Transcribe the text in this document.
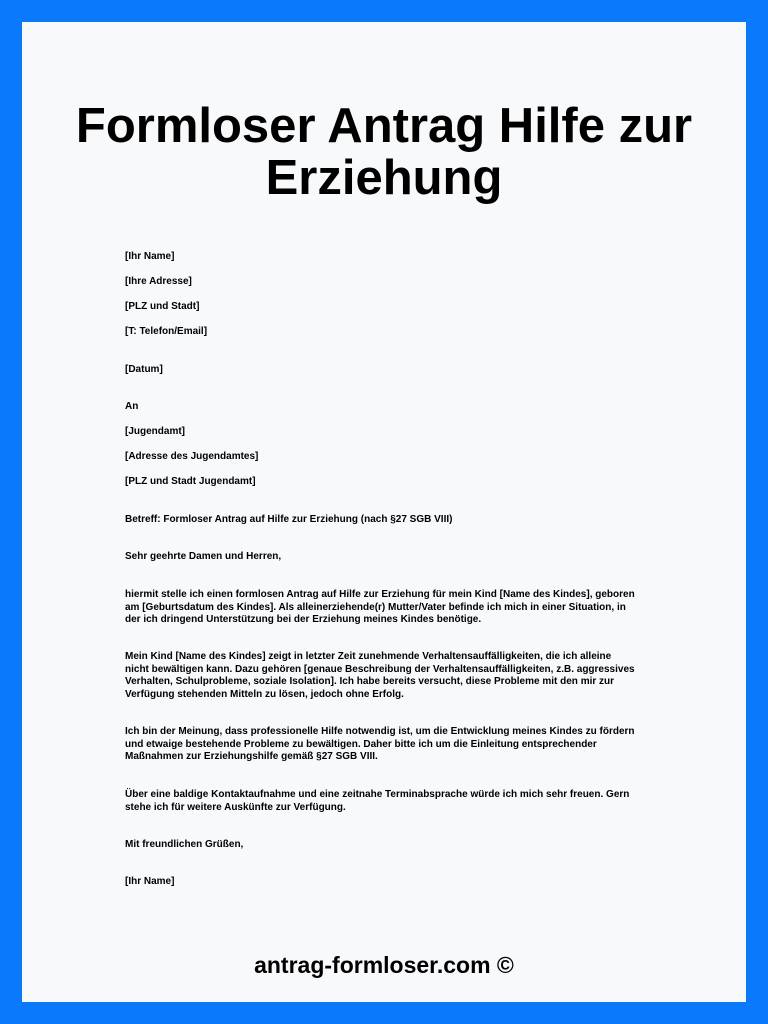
Formloser Antrag Hilfe zur Erziehung
[Ihr Name]
[Ihre Adresse]
[PLZ und Stadt]
[T: Telefon/Email]
[Datum]
An
[Jugendamt]
[Adresse des Jugendamtes]
[PLZ und Stadt Jugendamt]
Betreff: Formloser Antrag auf Hilfe zur Erziehung (nach §27 SGB VIII)
Sehr geehrte Damen und Herren,
hiermit stelle ich einen formlosen Antrag auf Hilfe zur Erziehung für mein Kind [Name des Kindes], geboren
am [Geburtsdatum des Kindes]. Als alleinerziehende(r) Mutter/Vater befinde ich mich in einer Situation, in
der ich dringend Unterstützung bei der Erziehung meines Kindes benötige.
Mein Kind [Name des Kindes] zeigt in letzter Zeit zunehmende Verhaltensauffälligkeiten, die ich alleine
nicht bewältigen kann. Dazu gehören [genaue Beschreibung der Verhaltensauffälligkeiten, z.B. aggressives
Verhalten, Schulprobleme, soziale Isolation]. Ich habe bereits versucht, diese Probleme mit den mir zur
Verfügung stehenden Mitteln zu lösen, jedoch ohne Erfolg.
Ich bin der Meinung, dass professionelle Hilfe notwendig ist, um die Entwicklung meines Kindes zu fördern
und etwaige bestehende Probleme zu bewältigen. Daher bitte ich um die Einleitung entsprechender
Maßnahmen zur Erziehungshilfe gemäß §27 SGB VIII.
Über eine baldige Kontaktaufnahme und eine zeitnahe Terminabsprache würde ich mich sehr freuen. Gern
stehe ich für weitere Auskünfte zur Verfügung.
Mit freundlichen Grüßen,
[Ihr Name]
antrag-formloser.com ©
